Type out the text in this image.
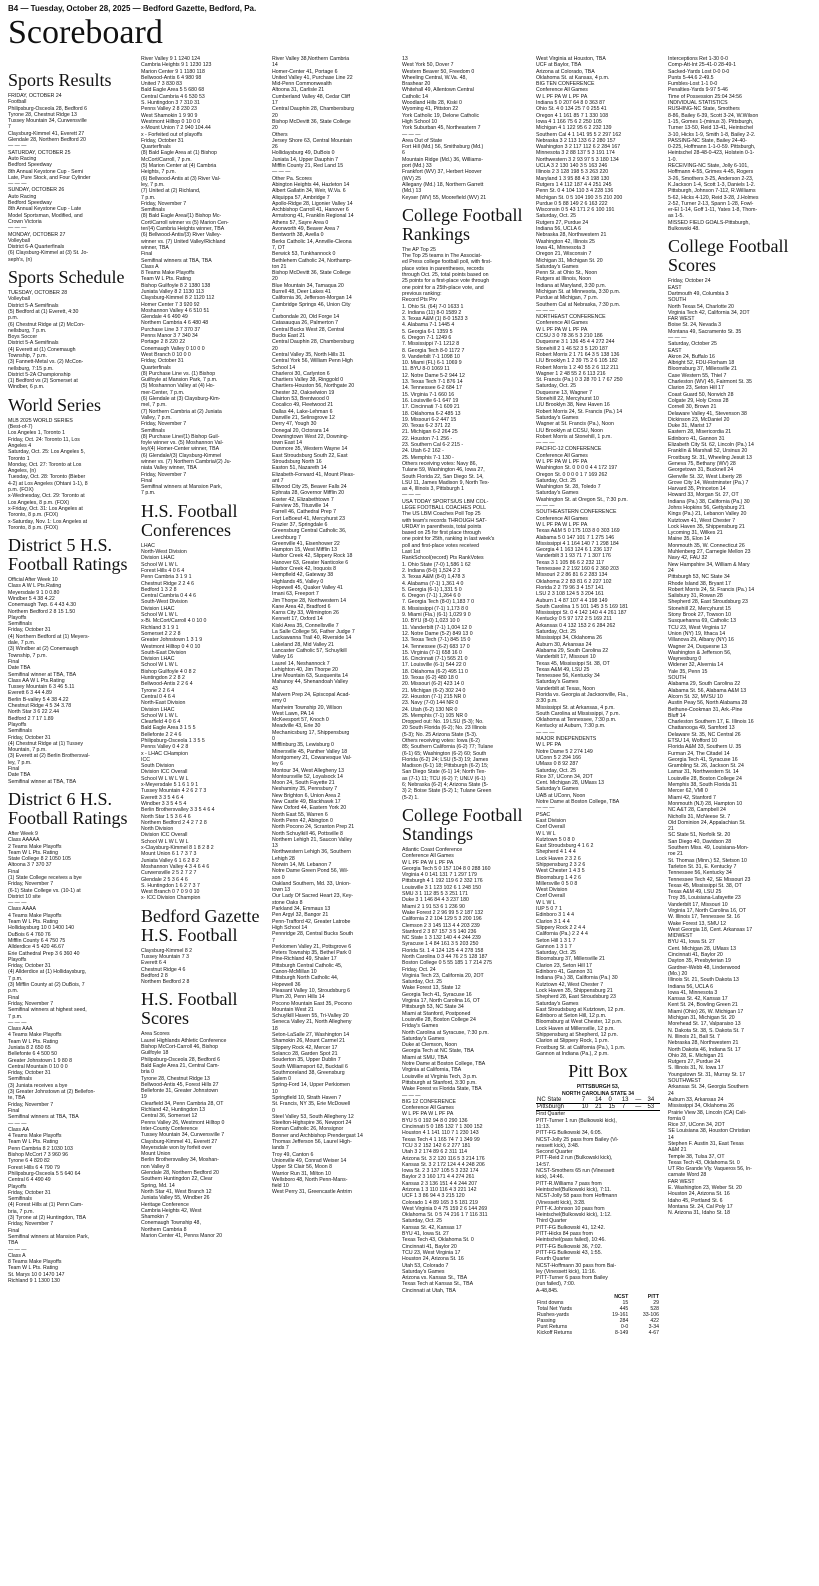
B4 — Tuesday, October 28, 2025 — Bedford Gazette, Bedford, Pa.
Scoreboard
Sports Results
FRIDAY, OCTOBER 24
Football
Philipsburg-Osceola 28, Bedford 6
Tyrone 28, Chestnut Ridge 13
Tussey Mountain 34, Curwensville
7
Claysburg-Kimmel 41, Everett 27
Glendale 28, Northern Bedford 20
— — —
SATURDAY, OCTOBER 25
Auto Racing
Bedford Speedway
8th Annual Keystone Cup - Semi
Late, Pure Stock, and Four Cylinder
— — —
SUNDAY, OCTOBER 26
Auto Racing
Bedford Speedway
8th Annual Keystone Cup - Late
Model Sportsman, Modified, and
Crown Victoria
— — —
MONDAY, OCTOBER 27
Volleyball
District 6-A Quarterfinals
(6) Claysburg-Kimmel at (3) St. Jo-
seph's, (n)
Sports Schedule
TUESDAY, OCTOBER 28
Volleyball
District 5-A Semifinals
(5) Bedford at (1) Everett, 4:30
p.m.
(6) Chestnut Ridge at (2) McCon-
nellsburg, 7 p.m.
Boys Soccer
District 5-A Semifinals
(4) Everett at (1) Conemaugh
Township, 7 p.m.
(3) Fannett-Metal vs. (2) McCon-
nellsburg, 7:15 p.m.
District 5-2A Championship
(1) Bedford vs (2) Somerset at
Windber, 6 p.m.
World Series
MLB 2025 WORLD SERIES
(Best-of-7)
Los Angeles 1, Toronto 1
Friday, Oct. 24: Toronto 11, Los
Angeles 4
Saturday, Oct. 25: Los Angeles 5,
Toronto 1
Monday, Oct. 27: Toronto at Los
Angeles, (n)
Tuesday, Oct. 28: Toronto (Bieber
4-2) at Los Angeles (Ohtani 1-1), 8
p.m. (FOX)
x-Wednesday, Oct. 29: Toronto at
Los Angeles, 8 p.m. (FOX)
x-Friday, Oct. 31: Los Angeles at
Toronto, 8 p.m. (FOX)
x-Saturday, Nov. 1: Los Angeles at
Toronto, 8 p.m. (FOX)
District 5 H.S. Football Ratings
Official After Week 10
Class A W L Pts.Rating
Meyersdale 9 1 0 0.80
Windber 5 4 38 4.22
Conemaugh Twp. 6 4 43 4.30
Northern Bedford 2 8 15 1.50
Playoffs
Semifinals
Friday, October 31
(4) Northern Bedford at (1) Meyers-
dale, 7 p.m.
(3) Windber at (2) Conemaugh
Township, 7 p.m.
Final
Date TBA
Semifinal winner at TBA, TBA
Class AA W L Pts.Rating
Tussey Mountain 6 3 46 5.11
Everett 6 3 44 4.89
Berlin B-valley 5 4 38 4.22
Chestnut Ridge 4 5 34 3.78
North Star 3 6 22 2.44
Bedford 2 7 17 1.89
Playoffs
Semifinals
Friday, October 31
(4) Chestnut Ridge at (1) Tussey
Mountain, 7 p.m.
(3) Everett at (2) Berlin Brothersval-
ley, 7 p.m.
Final
Date TBA
Semifinal winner at TBA, TBA
District 6 H.S. Football Ratings
After Week 9
Class AAAAA
2 Teams Make Playoffs
Team W L Pts. Rating
State College 8 2 1050 105
Altoona 3 7 370 37
Final
(1) State College receives a bye
Friday, November 7
(6-1) State College vs. (10-1) at
District 10 site
— — —
Class AAAA
4 Teams Make Playoffs
Team W L Pts. Rating
Hollidaysburg 10 0 1400 140
DuBois 6 4 760 76
Mifflin County 6 4 750 75
Allderdice 4 5 420 46.67
Erie Cathedral Prep 3 6 360 40
Playoffs
Friday, October 31
(4) Allderdice at (1) Hollidaysburg,
7 p.m.
(3) Mifflin County at (2) DuBois, 7
p.m.
Final
Friday, November 7
Semifinal winners at highest seed,
7 p.m.
— — —
Class AAA
4 Teams Make Playoffs
Team W L Pts. Rating
Juniata 8 2 650 65
Bellefonte 6 4 500 50
Greater Johnstown 1 9 80 8
Central Mountain 0 10 0 0
Friday, October 31
Semifinals
(3) Juniata receives a bye
(3) Greater Johnstown at (2) Bellefon-
te, TBA
Friday, November 7
Final
Semifinal winners at TBA, TBA
— — —
Class AA
4 Teams Make Playoffs
Team W L Pts. Rating
Penn Cambria 8 2 1030 103
Bishop McCort 7 3 960 96
Tyrone 6 4 820 82
Forest Hills 6 4 790 79
Philipsburg-Osceola 5 5 640 64
Central 6 4 490 49
Playoffs
Friday, October 31
Semifinals
(4) Forest Hills at (1) Penn Cam-
bria, 7 p.m.
(3) Tyrone at (2) Huntingdon, TBA
Friday, November 7
Final
Semifinal winners at Mansion Park,
TBA
— — —
Class A
8 Teams Make Playoffs
Team W L Pts. Rating
St. Marys 10 0 1470 147
Richland 9 1 1300 130
River Valley 9 1 1240 124
Cambria Heights 9 1 1230 123
Marion Center 9 1 1180 118
Bellwood-Antis 6 4 980 98
United 7 3 830 83
Bald Eagle Area 5 5 680 68
Central Cambria 4 6 530 53
S. Huntingdon 3 7 310 31
Penns Valley 2 8 230 23
West Shamokin 1 9 90 9
Westmont Hilltop 0 10 0 0
x-Mount Union 7 2 940 104.44
x - Forfeited out of playoffs
Friday, October 31
Quarterfinals
(8) Bald Eagle Area at (1) Bishop
McCort/Carroll, 7 p.m.
(5) Marion Center at (4) Cambria
Heights, 7 p.m.
(6) Bellwood-Antis at (3) River Val-
ley, 7 p.m.
(7) United at (2) Richland,
7 p.m.
Friday, November 7
Semifinals
(8) Bald Eagle Area/(1) Bishop Mc-
Cort/Carroll winner vs (5) Marion Cen-
ter/(4) Cambria Heights winner, TBA
(6) Bellwood-Antis/(3) River Valley-
winner vs. (7) United Valley/Richland
winner, TBA
Final
Semifinal winners at TBA, TBA
Class A
8 Teams Make Playoffs
Team W L Pts. Rating
Bishop Guilfoyle 8 2 1380 138
Juniata Valley 8 2 1130 113
Claysburg-Kimmel 8 2 1120 112
Homer Center 7 3 920 92
Moshannon Valley 4 6 510 51
Glendale 4 6 490 49
Northern Cambria 4 6 480 48
Purchase Line 3 7 370 37
Penns Manor 3 7 340 34
Portage 2 8 220 22
Conemaugh Valley 0 10 0 0
West Branch 0 10 0 0
Friday, October 31
Quarterfinals
(8) Purchase Line vs. (1) Bishop
Guilfoyle at Mansion Park, 7 p.m.
(5) Moshannon Valley at (4) Ho-
mer-Center, 7 p.m.
(6) Glendale at (3) Claysburg-Kim-
mel, 7 p.m.
(7) Northern Cambria at (2) Juniata
Valley, 7 p.m.
Friday, November 7
Semifinals
(8) Purchase Line/(1) Bishop Guil-
foyle winner vs. (5) Moshannon Val-
ley/(4) Homer-Center winner, TBA
(6) Glendale/(3) Claysburg-Kimmel
winner vs. (7) Northern Cambria/(2) Ju-
niata Valley winner, TBA
Friday, November 7
Final
Semifinal winners at Mansion Park,
7 p.m.
H.S. Football Conferences
LHAC
North-West Division
Division LHAC
School W L W L
Forest Hills 4 0 6 4
Penn Cambria 3 1 9 1
Chestnut Ridge 2 2 4 6
Bedford 1 3 2 8
Central Cambria 0 4 4 6
South-West Division
Division LHAC
School W L W L
x-Bi. McCort/Carroll 4 0 10 0
Richland 3 1 9 1
Somerset 2 2 2 8
Greater Johnstown 1 3 1 9
Westmont Hilltop 0 4 0 10
South-East Division
Division LHAC
School W L W L
Bishop Guilfoyle 4 0 8 2
Huntingdon 2 2 8 2
Bellwood-Antis 2 2 6 4
Tyrone 2 2 6 4
Central 0 4 6 4
North-East Division
Division LHAC
School W L W L
Clearfield 4 0 6 4
Bald Eagle Area 3 1 5 5
Bellefonte 2 2 4 6
Philipsburg-Osceola 1 3 5 5
Penns Valley 0 4 2 8
x - LHAC CHampion
ICC
South Division
Division ICC Overall
School W L W L W L
x-Meyersdale 5 1 6 1 9 1
Tussey Mountain 4 2 6 2 7 3
Everett 3 3 5 4 6 4
Windber 3 3 5 4 5 4
Berlin Brothersvalley 3 3 5 4 6 4
North Star 1 5 3 6 4 6
Northern Bedford 2 4 2 7 2 8
North Division
Division ICC Overall
School W L W L W L
x-Claysburg-Kimmel 8 1 8 2 8 2
Mount Union 6 1 7 3 7 3
Juniata Valley 6 1 6 2 8 2
Moshannon Valley 4 3 4 6 4 6
Curwensville 2 5 2 7 2 7
Glendale 2 5 3 6 4 6
S. Huntingdon 1 6 2 7 3 7
West Branch 0 7 0 9 0 10
x- ICC Division Champion
Bedford Gazette H.S. Football
Claysburg-Kimmel 8 2
Tussey Mountain 7 3
Everett 6 4
Chestnut Ridge 4 6
Bedford 2 8
Northern Bedford 2 8
H.S. Football Scores
Area Scores
Laurel Highlands Athletic Conference
Bishop McCort-Carroll 46, Bishop
Guilfoyle 18
Philipsburg-Osceola 28, Bedford 6
Bald Eagle Area 21, Central Cam-
bria 0
Tyrone 28, Chestnut Ridge 13
Bellwood-Antis 45, Forest Hills 27
Bellefonte 31, Greater Johnstown
19
Clearfield 34, Penn Cambria 28, OT
Richland 42, Huntingdon 13
Central 36, Somerset 12
Penns Valley 26, Westmont Hilltop 0
Inter-County Conference
Tussey Mountain 34, Curwensville 7
Claysburg-Kimmel 41, Everett 27
Meyersdale won by forfeit over
Mount Union
Berlin Brothersvalley 34, Moshan-
non Valley 8
Glendale 28, Northern Bedford 20
Southern Huntingdon 22, Clear
Spring, Md. 14
North Star 41, West Branch 12
Juniata Valley 55, Windber 26
Heritage Conference
Cambria Heights 42, West
Shamokin 7
Conemaugh Township 48,
Northern Cambria 8
Marion Center 41, Penns Manor 20
River Valley 38,Northern Cambria
14
Homer-Center 41, Portage 6
United Valley 41, Purchase Line 22
Mid-Penn Commonwealth
Altoona 31, Carlisle 21
Cumberland Valley 48, Cedar Cliff
17
Central Dauphin 28, Chambersburg
20
Bishop McDevitt 36, State College
20
Others
Jersey Shore 63, Central Mountain
26
Hollidaysburg 49, DuBois 0
Juniata 14, Upper Dauphin 7
Mifflin County 21, Red Land 15
— — —
Other Pa. Scores
Abington Heights 44, Hazleton 14
Albert Gallatin 34, Weir, W.Va. 6
Aliquippa 57, Ambridge 7
Apollo-Ridge 28, Ligonier Valley 14
Archbishop Carroll 41, Hanover 6
Armstrong 41, Franklin Regional 14
Athens 57, Sayre Area 0
Avonworth 49, Beaver Area 7
Bentworth 38, Avella 0
Berks Catholic 14, Annville-Cleona
7, OT
Berwick 53, Tunkhannock 0
Bethlehem Catholic 24, Northamp-
ton 21
Bishop McDevitt 36, State College
20
Blue Mountain 34, Tamaqua 20
Burrell 48, Deer Lakes 41
California 36, Jefferson-Morgan 14
Cambridge Springs 46, Union City
7
Carbondale 20, Old Forge 14
Catasauqua 26, Palmerton 7
Central Bucks West 28, Central
Bucks East 21
Central Dauphin 28, Chambersburg
20
Central Valley 35, North Hills 31
Central York 56, William Penn High
School 14
Charleroi 30, Carlynton 6
Chartiers Valley 38, Ringgold 0
Chartiers-Houston 56, Northgate 20
Chester 32, Oakselwion 19
Clairton 53, Brentwood 0
Cocalico 49, Fleetwood 21
Dallas 44, Lake-Lehman 6
Danville 21, Selinsgrove 12
Derry 47, Yough 30
Donegal 20, Octorara 14
Downingtown West 22, Downing-
town East 14
Dunmore 35, Western Wayne 14
East Stroudsburg South 22, East
Stroudsburg North 16
Easton 51, Nazareth 14
Elizabeth-Forward 41, Mount Pleas-
ant 7
Ellwood City 25, Beaver Falls 24
Ephrata 28, Governor Mifflin 20
Exeter 42, Elizabethtown 7
Fairview 35, Titusville 14
Farrell 46, Cathedral Prep 7
Fort LeBoeuf 41, Mercyhurst 23
Frazier 37, Springdale 6
Greensburg Central Catholic 36,
Leechburg 7
Greenville 41, Eisenhower 22
Hampton 15, West Mifflin 13
Harbor Creek 42, Slippery Rock 18
Hanover 63, Greater Nanticoke 6
Harbor Creek 42, Iroquois 8
Hempfield 42, Gateway 38
Highlands 45, Valley 0
Hopewell 45, Quaker Valley 41
Imani 63, Freeport 7
Jim Thorpe 28, Northwestern 14
Kane Area 42, Bradford 6
Karns City 33, Wilmington 26
Kennett 17, Oxford 14
Kiski Area 35, Connellsville 7
La Salle College 56, Father Judge 7
Lackawanna Trail 40, Riverside 14
Lakeland 28, Mid Valley 21
Lancaster Catholic 57, Schuylkill
Valley 16
Laurel 14, Neshannock 7
Lehighton 40, Jim Thorpe 20
Line Mountain 63, Susquenita 14
Mahanoy 44, Shenandoah Valley
43
Malvern Prep 24, Episcopal Acad-
emy 0
Manheim Township 20, Wilson
West Lawn, PA 14
McKeesport 57, Knoch 0
Meadville 43, Erie 30
Mechanicsburg 17, Shippensburg
0
Mifflinburg 35, Lewisburg 0
Minersville 45, Panther Valley 18
Montgomery 21, Cowanesque Val-
ley 6
Montour 34, West Allegheny 13
Montoursville 52, Loyalsock 14
Moon 24, South Fayette 21
Neshaminy 35, Pennsbury 7
New Brighton 6, Union Area 2
New Castle 49, Blackhawk 17
New Oxford 44, Eastern York 20
North East 55, Warren 6
North Penn 42, Abington 0
North Pocono 24, Scranton Prep 21
North Schuylkill 46, Pottsville 8
Northern Lehigh 21, Saucon Valley
13
Northwestern Lehigh 36, Southern
Lehigh 28
Norwin 14, Mt. Lebanon 7
Notre Dame Green Pond 56, Wil-
son 0
Oakland Southern, Md. 33, Union-
town 13
Our Lady Of Sacred Heart 23, Key-
stone Oaks 8
Parkland 34, Emmaus 13
Pen Argyl 32, Bangor 21
Penn-Trafford 42, Greater Latrobe
High School 14
Pennridge 28, Central Bucks South
7
Perkiomen Valley 21, Pottsgrove 6
Peters Township 35, Bethel Park 0
Pine-Richland 49, Shaler 17
Pittsburgh Central Catholic 45,
Canon-McMillan 10
Pittsburgh North Catholic 44,
Hopewell 36
Pleasant Valley 10, Stroudsburg 6
Plum 20, Penn Hills 14
Pocono Mountain East 35, Pocono
Mountain West 21
Schuylkill Haven 55, Tri-Valley 20
Seneca Valley 21, North Allegheny
18
Seton-LaSalle 27, Washington 14
Shamokin 26, Mount Carmel 21
Slippery Rock 42, Mercer 17
Solanco 28, Garden Spot 21
Souderton 35, Upper Dublin 7
South Williamsport 62, Bucktail 6
Southmoreland 38, Greensburg
Salem 0
Spring-Ford 14, Upper Perkiomen
10
Springfield 10, Strath Haven 7
St. Francis, NY 35, Erie McDowell
0
Steel Valley 53, South Allegheny 12
Steelton-Highspire 36, Newport 24
Roman Catholic 26, Monsignor
Bonner and Archbishop Prendergast 14
Thomas Jefferson 56, Laurel High-
lands 7
Troy 49, Canton 6
Unionville 49, Conrad Weiser 14
Upper St Clair 56, Moon 8
Warrior Run 31, Milton 10
Wellsboro 48, North Penn-Mans-
field 10
West Perry 31, Greencastle Antrim
13
West York 50, Dover 7
Western Beaver 50, Freedom 0
Wheeling Central, W.Va. 48,
Brashear 20
Whitehall 49, Allentown Central
Catholic 14
Woodland Hills 28, Kiski 0
Wyoming 41, Pittston 22
York Catholic 19, Delone Catholic
High School 10
York Suburban 45, Northeastern 7
— — —
Area Out of State
Fort Hill (Md.) 56, Smithsburg (Md.)
6
Mountain Ridge (Md.) 36, Williams-
port (Md.) 33
Frankfort (WV) 37, Herbert Hoover
(WV) 25
Allegany (Md.) 18, Northern Garrett
(Md.) 13
Keyser (WV) 55, Moorefield (WV) 21
College Football Rankings
The AP Top 25
The Top 25 teams in The Associat-
ed Press college football poll, with first-
place votes in parentheses, records
through Oct. 25, total points based on
25 points for a first-place vote through
one point for a 25th-place vote, and
previous ranking:
Record Pts Prv
1. Ohio St. (64) 7-0 1633 1
2. Indiana (11) 8-0 1589 2
3. Texas A&M (1) 8-0 1523 3
4. Alabama 7-1 1445 4
5. Georgia 6-1 1359 5
6. Oregon 7-1 1249 6
7. Mississippi 7-1 1212 8
8. Georgia Tech 8-0 1172 7
9. Vanderbilt 7-1 1098 10
10. Miami (FL) 6-1 1069 9
11. BYU 8-0 1069 11
12. Notre Dame 5-2 944 12
13. Texas Tech 7-1 876 14
14. Tennessee 6-2 684 17
15. Virginia 7-1 660 16
16. Louisville 6-1 647 19
17. Cincinnati 7-1 609 21
18. Oklahoma 6-2 485 13
19. Missouri 6-2 447 15
20. Texas 6-2 371 22
21. Michigan 6-2 264 25
22. Houston 7-1 256 -
23. Southern Cal 6-2 215 -
24. Utah 6-2 162 -
25. Memphis 7-1 130 -
Others receiving votes: Navy 86,
Tulane 59, Washington 46, Iowa 27,
South Florida 22, San Diego St. 14,
LSU 11, James Madison 9, North Tex-
as 4, Illinois 3, Pittsburgh 1
— — —
USA TODAY SPORTS/US LBM COL-
LEGE FOOTBALL COACHES POLL
The US LBM Coaches Poll Top 25
with team's records THROUGH SAT-
URDAY in parenthesis, total points
based on 25 for first place through
one point for 25th, ranking in last week's
poll and first-place votes received
Last 1st
RankSchool(record) Pts RankVotes
1. Ohio State (7-0) 1,586 1 62
2. Indiana (8-0) 1,524 2 3
3. Texas A&M (8-0) 1,478 3
4. Alabama (7-1) 1,361 4 0
5. Georgia (6-1) 1,331 5 0
6. Oregon (7-1) 1,264 6 0
7. Georgia Tech (8-0) 1,183 7 0
8. Mississippi (7-1) 1,173 8 0
9. Miami (Fla.) (6-1) 1,029 9 0
10. BYU (8-0) 1,023 10 0
11. Vanderbilt (7-1) 1,004 12 0
12. Notre Dame (5-2) 849 13 0
13. Texas Tech (7-1) 845 15 0
14. Tennessee (6-2) 683 17 0
15. Virginia (7-1) 658 16 0
16. Cincinnati (7-1) 565 21 0
17. Louisville (6-1) 544 22 0
18. Oklahoma (6-2) 495 11 0
19. Texas (6-2) 480 18 0
20. Missouri (6-2) 423 14 0
21. Michigan (6-2) 302 24 0
22. Houston (7-1) 215 NR 0
23. Navy (7-0) 144 NR 0
24. Utah (6-2) 130 NR 0
25. Memphis (7-1) 105 NR 0
Dropped out: No. 19 LSU (5-3); No.
20 South Florida (6-2); No. 23 Illinois
(5-3); No. 25 Arizona State (5-3).
Others receiving votes: Iowa (6-2)
85; Southern California (6-2) 77; Tulane
(6-1) 65; Washington (6-2) 60; South
Florida (6-2) 24; LSU (5-3) 19; James
Madison (6-1) 18; Pittsburgh (6-2) 15;
San Diego State (6-1) 14; North Tex-
as (7-1) 11; TCU (6-2) 7; UNLV (6-1)
6; Nebraska (6-2) 4; Arizona State (5-
3) 2; Boise State (5-2) 1; Tulane Green
(5-2) 1.
College Football Standings
Atlantic Coast Conference
Conference All Games
W L PF PA W L PF PA
Georgia Tech 5 0 157 104 8 0 288 160
Virginia 4 0 141 131 7 1 297 179
Pittsburgh 4 1 192 119 6 2 332 176
Louisville 3 1 123 102 6 1 248 150
SMU 3 1 112 85 5 3 251 171
Duke 3 1 146 84 4 3 237 180
Miami 2 1 91 53 6 1 236 90
Wake Forest 2 2 96 99 5 2 187 132
California 2 2 104 129 5 3 200 196
Clemson 2 3 145 113 4 4 203 239
Stanford 2 3 87 157 3 5 140 236
NC State 1 3 132 140 4 4 244 239
Syracuse 1 4 84 161 3 5 203 250
Florida St. 1 4 124 125 4 4 278 158
North Carolina 0 3 44 76 2 5 128 187
Boston College 0 5 55 185 1 7 214 275
Friday, Oct. 24
Virginia Tech 23, California 20, 2OT
Saturday, Oct. 25
Wake Forest 13, State 12
Georgia Tech 41, Syracuse 16
Virginia 17, North Carolina 16, OT
Pittsburgh 53, NC State 34
Miami at Stanford, Postponed
Louisville 28, Boston College 24
Friday's Games
North Carolina at Syracuse, 7:30 p.m.
Saturday's Games
Duke at Clemson, Noon
Georgia Tech at NC State, TBA
Miami at SMU, TBA
Notre Dame at Boston College, TBA
Virginia at California, TBA
Louisville at Virginia Tech, 3 p.m.
Pittsburgh at Stanford, 3:30 p.m.
Wake Forest vs Florida State, TBA
— — —
BIG 12 CONFERENCE
Conference All Games
W L PF PA W L PF PA
BYU 5 0 192 94 8 0 290 136
Cincinnati 5 0 185 132 7 1 300 152
Houston 4 1 141 110 7 1 230 143
Texas Tech 4 1 165 74 7 1 349 99
TCU 3 2 152 142 6 2 277 181
Utah 3 2 174 89 6 2 311 114
Arizona St. 3 2 120 116 5 3 214 176
Kansas St. 3 2 172 124 4 4 248 206
Iowa St. 2 3 137 105 5 3 232 174
Baylor 2 3 160 171 4 4 274 261
Kansas 2 3 136 151 4 4 244 207
Arizona 1 3 110 116 4 3 221 142
UCF 1 3 86 94 4 3 215 120
Colorado 1 4 89 165 3 5 181 219
West Virginia 0 4 75 159 2 6 144 269
Oklahoma St. 0 5 74 216 1 7 116 311
Saturday, Oct. 25
Kansas St. 42, Kansas 17
BYU 41, Iowa St. 27
Texas Tech 43, Oklahoma St. 0
Cincinnati 41, Baylor 20
TCU 23, West Virginia 17
Houston 24, Arizona St. 16
Utah 53, Colorado 7
Saturday's Games
Arizona vs. Kansas St., TBA
Texas Tech at Kansas St., TBA
Cincinnati at Utah, TBA
West Virginia at Houston, TBA
UCF at Baylor, TBA
Arizona at Colorado, TBA
Oklahoma St. at Kansas, 4 p.m.
BIG TEN CONFERENCE
Conference All Games
W L PF PA W L PF PA
Indiana 5 0 207 64 8 0 363 87
Ohio St. 4 0 134 25 7 0 255 41
Oregon 4 1 161 85 7 1 330 108
Iowa 4 1 166 75 6 2 250 105
Michigan 4 1 122 95 6 2 232 139
Southern Cal 4 1 141 95 5 2 297 162
Nebraska 3 2 113 133 6 2 280 157
Washington 3 2 117 112 6 2 284 167
Minnesota 3 2 88 137 5 3 191 174
Northwestern 3 2 93 97 5 3 180 134
UCLA 3 2 130 140 3 5 163 246
Illinois 2 3 128 198 5 3 263 220
Maryland 1 3 95 88 4 3 198 130
Rutgers 1 4 112 187 4 4 251 245
Penn St. 0 4 104 110 3 4 228 136
Michigan St. 0 5 104 190 3 5 210 200
Purdue 0 5 88 149 2 6 163 222
Wisconsin 0 5 43 171 2 6 100 191
Saturday, Oct. 25
Rutgers 27, Purdue 24
Indiana 56, UCLA 6
Nebraska 28, Northwestern 21
Washington 42, Illinois 25
Iowa 41, Minnesota 3
Oregon 21, Wisconsin 7
Michigan 31, Michigan St. 20
Saturday's Games
Penn St. at Ohio St., Noon
Rutgers at Illinois, Noon
Indiana at Maryland, 3:30 p.m.
Michigan St. at Minnesota, 3:30 p.m.
Purdue at Michigan, 7 p.m.
Southern Cal at Nebraska, 7:30 p.m.
— — —
NORTHEAST CONFERENCE
Conference All Games
W L PF PA W L PF PA
CCSU 3 0 78 36 5 3 210 186
Duquesne 3 1 136 45 4 4 272 244
Stonehill 2 1 46 52 3 5 120 187
Robert Morris 2 1 71 64 3 5 138 136
LIU Brooklyn 1 2 39 75 2 6 105 182
Robert Morris 1 2 40 55 2 6 112 211
Wagner 1 2 48 55 2 6 113 216
St. Francis (Pa.) 0 3 28 70 1 7 67 250
Saturday, Oct. 25
Duquesne 13, Wagner 7
Stonehill 22, Mercyhurst 10
LIU Brooklyn 38, New Haven 16
Robert Morris 24, St. Francis (Pa.) 14
Saturday's Games
Wagner at St. Francis (Pa.), Noon
LIU Brooklyn at CCSU, Noon
Robert Morris at Stonehill, 1 p.m.
— — —
PACIFIC-12 CONFERENCE
Conference All Games
W L PF PA W L PF PA
Washington St. 0 0 0 0 4 4 172 197
Oregon St. 0 0 0 0 1 7 169 262
Saturday, Oct. 25
Washington St. 28, Toledo 7
Saturday's Games
Washington St. at Oregon St., 7:30 p.m.
— — —
SOUTHEASTERN CONFERENCE
Conference All Games
W L PF PA W L PF PA
Texas A&M 5 0 175 103 8 0 303 169
Alabama 5 0 147 101 7 1 275 146
Mississippi 4 1 164 140 7 1 298 184
Georgia 4 1 163 124 6 1 236 137
Vanderbilt 3 1 93 71 7 1 307 176
Texas 3 1 105 86 6 2 232 117
Tennessee 2 2 192 160 6 2 360 203
Missouri 2 2 86 81 6 2 283 134
Oklahoma 2 2 83 81 6 2 227 102
Florida 2 2 79 96 3 4 157 141
LSU 2 3 108 124 5 3 204 161
Auburn 1 4 87 107 4 4 198 149
South Carolina 1 5 101 145 3 5 169 181
Mississippi St. 0 4 142 140 4 4 261 187
Kentucky 0 5 97 172 2 5 169 211
Arkansas 0 4 132 153 2 6 284 262
Saturday, Oct. 25
Mississippi 34, Oklahoma 26
Auburn 30, Arkansas 24
Alabama 29, South Carolina 22
Vanderbilt 17, Missouri 10
Texas 45, Mississippi St. 38, OT
Texas A&M 49, LSU 25
Tennessee 56, Kentucky 34
Saturday's Games
Vanderbilt at Texas, Noon
Florida vs. Georgia at Jacksonville, Fla.,
3:30 p.m.
Mississippi St. at Arkansas, 4 p.m.
South Carolina at Mississippi, 7 p.m.
Oklahoma at Tennessee, 7:30 p.m.
Kentucky at Auburn, 7:30 p.m.
— — —
MAJOR INDEPENDENTS
W L PF PA
Notre Dame 5 2 274 149
UConn 5 2 294 166
UMass 0 8 92 287
Saturday, Oct. 25
Rice 37, UConn 34, 2OT
Cent. Michigan 28, UMass 13
Saturday's Games
UAB at UConn, Noon
Notre Dame at Boston College, TBA
— — —
PSAC
East Division
Conf Overall
W L W L
Kutztown 5 0 8 0
East Stroudsburg 4 1 6 2
Shepherd 4 1 4 4
Lock Haven 2 3 2 6
Shippensburg 2 3 2 6
West Chester 1 4 3 5
Bloomsburg 1 4 2 6
Millersville 0 5 0 8
West Division
Conf Overall
W L W L
IUP 5 0 7 1
Edinboro 3 1 4 4
Clarion 3 1 4 4
Slippery Rock 2 2 4 4
California (Pa.) 2 2 4 4
Seton Hill 1 3 1 7
Gannon 1 3 1 7
Saturday, Oct. 25
Bloomsburg 37, Millersville 21
Clarion 23, Seton Hill 17
Edinboro 41, Gannon 31
Indiana (Pa.) 38, California (Pa.) 30
Kutztown 42, West Chester 7
Lock Haven 35, Shippensburg 21
Shepherd 28, East Stroudsburg 23
Saturday's Games
East Stroudsburg at Kutztown, 12 p.m.
Edinboro at Seton Hill, 12 p.m.
Bloomsburg at West Chester, 12 p.m.
Lock Haven at Millersville, 12 p.m.
Shippensburg at Shepherd, 12 p.m.
Clarion at Slippery Rock, 1 p.m.
Frostburg St. at California (Pa.), 1 p.m.
Gannon at Indiana (Pa.), 2 p.m.
Pitt Box
PITTSBURGH 53,
NORTH CAROLINA STATE 34
NC State	7	14	0	13	—	34
Pittsburgh	10	21	15	7	—	53
First Quarter
PITT-Turner 1 run (Bulkowski kick),
11:13.
PITT-FG Bulkowski 34, 6:05.
NCST-Jolly 25 pass from Bailey (Vi-
nessett kick), 3:48.
Second Quarter
PITT-Reid 2 run (Bulkowski kick),
14:57.
NCST-Smothers 65 run (Vinessett
kick), 14:46.
PITT-R.Williams 7 pass from
Heintschel(Bulkowski kick), 7:11.
NCST-Jolly 58 pass from Hoffmann
(Vinessett kick), 3:28.
PITT-K.Johnson 10 pass from
Heintschel(Bulkowski kick), 1:12.
Third Quarter
PITT-FG Bulkowski 41, 12:42.
PITT-Hicks 84 pass from
Heintschel(pass failed), 10:46.
PITT-FG Bulkowski 36, 7:02.
PITT-FG Bulkowski 43, 1:55.
Fourth Quarter
NCST-Hoffmann 30 pass from Bai-
ley (Vinessett kick), 11:16.
PITT-Turner 6 pass from Bailey
(run failed), 7:00.
A-48,845.
	NCST	PITT
First downs	15	29
Total Net Yards	445	528
Rushes-yards	19-161	33-106
Passing	284	422
Punt Returns	0-0	3-34
Kickoff Returns	8-149	4-67
Interceptions Ret 1-30 0-0
Comp-Att-Int 25-41-0 28-49-1
Sacked-Yards Lost 0-0 0-0
Punts 5-44.6 2-49.5
Fumbles-Lost 1-1 0-0
Penalties-Yards 9-97 5-46
Time of Possession 25:04 34:56
INDIVIDUAL STATISTICS
RUSHING-NC State, Smothers
8-86, Bailey 6-39, Scott 3-24, W.Wilson
1-15, Gomes 1-(minus 3). Pittsburgh,
Turner 13-50, Reid 13-41, Heintschel
3-10, Hicks 1-9, Smith 1-8, Bailey 2-2.
PASSING-NC State, Bailey 24-40-
0-225, Hoffmann 1-1-0-59. Pittsburgh,
Heintschel 28-48-0-423, Holstein 0-1-
1-0.
RECEIVING-NC State, Jolly 6-101,
Hoffmann 4-55, Grimes 4-45, Rogers
3-26, Smothers 3-25, Anderson 2-23,
K.Jackson 1-4, Scott 1-3, Daniels 1-2.
Pittsburgh, Johnson 7-112, R.Williams
5-62, Hicks 4-120, Reid 3-28, J.Holmes
2-52, Turner 2-13, Spann 1-28, Fowl-
er-El 1-14, Goff 1-11, Yates 1-8, Thom-
as 1-5.
MISSED FIELD GOALS-Pittsburgh,
Bulkowski 48.
College Football Scores
Friday, October 24
EAST
Dartmouth 49, Columbia 3
SOUTH
North Texas 54, Charlotte 20
Virginia Tech 42, California 34, 2OT
FAR WEST
Boise St. 24, Nevada 3
Montana 49, Sacramento St. 35
— — —
Saturday, October 25
EAST
Akron 24, Buffalo 16
Albright 52, FDU-Florham 18
Bloomsburg 37, Millersville 21
Case Western 55, Thiel 7
Charleston (WV) 45, Fairmont St. 35
Clarion 23, Seton Hill 17
Coast Guard 50, Norwich 28
Colgate 29, Holy Cross 28
Cornell 30, Brown 21
Delaware Valley 41, Stevenson 38
Dickinson 23, McDaniel 20
Duke 31, Marist 17
Eastern 28, Misericordia 21
Edinboro 41, Gannon 31
Elizabeth City St. 62, Lincoln (Pa.) 14
Franklin & Marshall 52, Ursinus 20
Frostburg St. 31, Wheeling Jesuit 13
Geneva 75, Bethany (WV) 28
Georgetown 31, Bucknell 24
Glenville St. 32, West Liberty 28
Grove City 14, Westminster (Pa.) 7
Harvard 35, Princeton 14
Howard 33, Morgan St. 27, OT
Indiana (Pa.) 38, California (Pa.) 30
Johns Hopkins 56, Gettysburg 21
Kings (Pa.) 21, Lebanon Valley 20
Kutztown 41, West Chester 7
Lock Haven 35, Shippensburg 21
Lycoming 31, Wilkes 21
Maine 35, Elon 14
Monmouth 35, W. Connecticut 26
Muhlenberg 27, Carnegie Mellon 23
Navy 42, FAU 32
New Hampshire 34, William & Mary
24
Pittsburgh 53, NC State 34
Rhode Island 38, Bryant 17
Robert Morris 24, St. Francis (Pa.) 14
Salisbury 31, Rowan 28
Shepherd 28, East Stroudsburg 23
Stonehill 22, Mercyhurst 15
Stony Brook 27, Towson 10
Susquehanna 69, Catholic 13
TCU 23, West Virginia 17
Union (NY) 19, Ithaca 14
Villanova 29, Albany (NY) 16
Wagner 24, Duquesne 13
Washington & Jefferson 56,
Waynesburg 0
Widener 32, Alvernia 14
Yale 35, Penn 15
SOUTH
Alabama 29, South Carolina 22
Alabama St. 56, Alabama A&M 13
Alcorn St. 32, MVSU 10
Austin Peay 56, North Alabama 28
Bethune-Cookman 31, Ark.-Pine
Bluff 14
Charleston Southern 17, E. Illinois 16
Chattanooga 49, Samford 13
Delaware St. 35, NC Central 26
ETSU 14, Wofford 10
Florida A&M 33, Southern U. 35
Furman 24, The Citadel 14
Georgia Tech 41, Syracuse 16
Grambling St. 26, Jackson St. 24
Lamar 31, Northwestern St. 14
Louisville 28, Boston College 24
Memphis 38, South Florida 31
Mercer 62, VMI 0
Miami 42, Stanford 7
Monmouth (NJ) 28, Hampton 10
NC A&T 28, Campbell 24
Nicholls 31, McNeese St. 7
Old Dominion 24, Appalachian St.
21
SC State 51, Norfolk St. 20
San Diego 40, Davidson 28
Southern Miss. 49, Louisiana-Mon-
roe 21
St. Thomas (Minn.) 52, Stetson 10
Tarleton St. 31, E. Kentucky 7
Tennessee 56, Kentucky 34
Tennessee Tech 42, SE Missouri 23
Texas 45, Mississippi St. 38, OT
Texas A&M 49, LSU 25
Troy 35, Louisiana-Lafayette 23
Vanderbilt 17, Missouri 10
Virginia 17, North Carolina 16, OT
W. Illinois 17, Tennessee St. 16
Wake Forest 13, SMU 12
West Georgia 18, Cent. Arkansas 17
MIDWEST
BYU 41, Iowa St. 27
Cent. Michigan 28, UMass 13
Cincinnati 41, Baylor 20
Dayton 35, Presbyterian 19
Gardner-Webb 48, Lindenwood
(Mo.) 20
Illinois St. 21, South Dakota 13
Indiana 56, UCLA 6
Iowa 41, Minnesota 3
Kansas St. 42, Kansas 17
Kent St. 24, Bowling Green 21
Miami (Ohio) 26, W. Michigan 17
Michigan 31, Michigan St. 20
Morehead St. 17, Valparaiso 13
N. Dakota St. 38, S. Dakota St. 7
N. Illinois 21, Ball St. 7
Nebraska 28, Northwestern 21
North Dakota 46, Indiana St. 17
Ohio 28, E. Michigan 21
Rutgers 27, Purdue 24
S. Illinois 31, N. Iowa 17
Youngstown St. 31, Murray St. 17
SOUTHWEST
Arkansas St. 34, Georgia Southern
24
Auburn 33, Arkansas 24
Mississippi 34, Oklahoma 26
Prairie View 38, Lincoln (CA) Cali-
fornia 0
Rice 37, UConn 34, 2OT
SE Louisiana 38, Houston Christian
14
Stephen F. Austin 31, East Texas
A&M 21
Temple 38, Tulsa 37, OT
Texas Tech 43, Oklahoma St. 0
UT Rio Grande Vly. Vaqueros 56, In-
carnate Word 28
FAR WEST
E. Washington 23, Weber St. 20
Houston 24, Arizona St. 16
Idaho 45, Portland St. 6
Montana St. 24, Cal Poly 17
N. Arizona 31, Idaho St. 18
